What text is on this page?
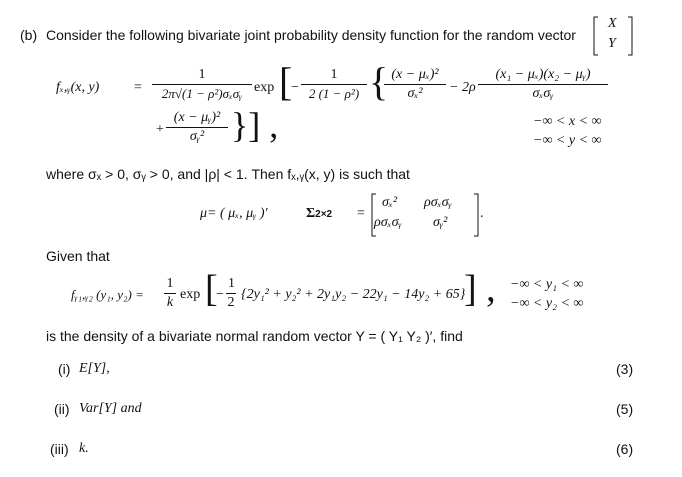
(b) Consider the following bivariate joint probability density function for the random vector
X
Y
fₓ,ᵧ(x, y) =
1
2π√(1 − ρ²)σₓσᵧ exp [
− $\frac{1}{\text{2 (1 − ρ²)}}$ {
$\frac{\text{(x − μₓ)²}}{\text{σₓ²}} - 2\rho$
(x₁ − μₓ)(x₂ − μᵧ)
σₓσᵧ
+ $\frac{\text{(x − μᵧ)²}}{\text{σᵧ²}}$ }] ,	−∞ < x < ∞
−∞ < y < ∞
where σₓ > 0, σᵧ > 0, and |ρ| < 1. Then fₓ,ᵧ(x, y) is such that
μ= ( μₓ, μᵧ )′	Σ2×2 =
σₓ² ρσₓσᵧ
ρσₓσᵧ σᵧ²
.
Given that
fᵧ₁,ᵧ₂ (y₁, $y_2) = \frac{1}{k}$ exp [
− $\frac{1}{2} \{2y_1^2 + y_2^2 + 2y_1y_2 - 22y_1 - 14y_2 + 65\}$
] , −∞ < y₁ < ∞
−∞ < y₂ < ∞
is the density of a bivariate normal random vector Y = ( Y₁ Y₂ )′, find
(i) E[Y],	(3)
(ii) Var[Y] and	(5)
(iii) k.	(6)
